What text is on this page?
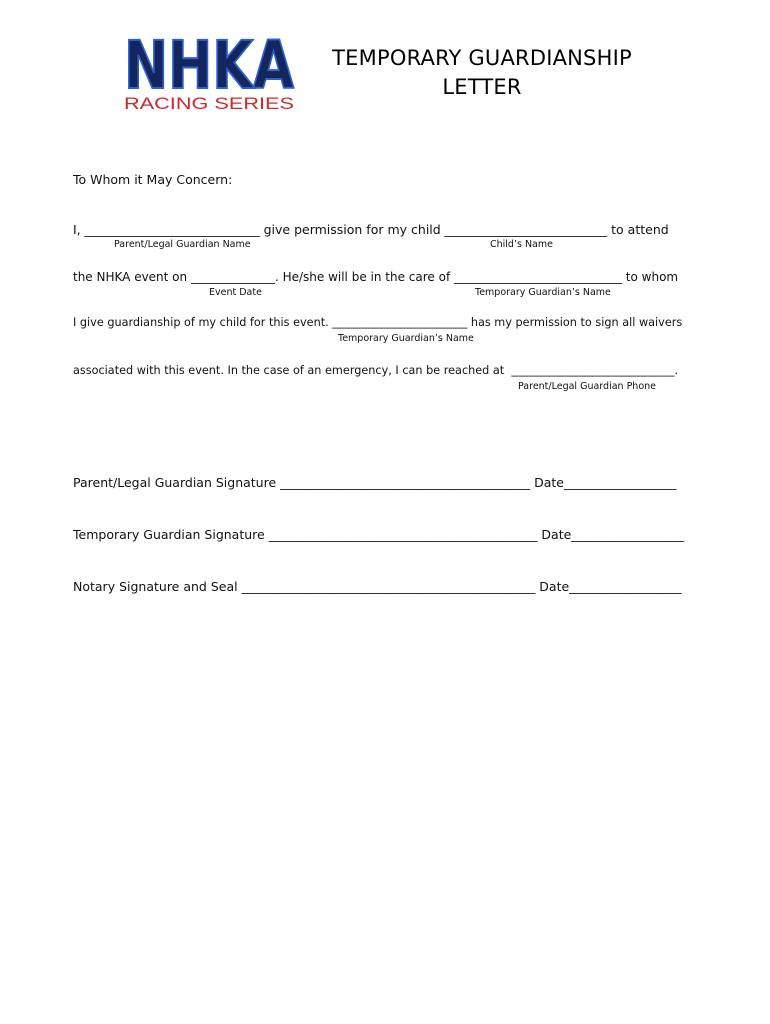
NHKA
RACING SERIES
TEMPORARY GUARDIANSHIP
LETTER
To Whom it May Concern:
I, ____________________________ give permission for my child __________________________ to attend
Parent/Legal Guardian Name	Child’s Name
the NHKA event on ______________. He/she will be in the care of ____________________________ to whom
Event Date	Temporary Guardian’s Name
I give guardianship of my child for this event. ________________________ has my permission to sign all waivers
Temporary Guardian’s Name
associated with this event. In the case of an emergency, I can be reached at  _____________________________.
Parent/Legal Guardian Phone
Parent/Legal Guardian Signature ________________________________________ Date__________________
Temporary Guardian Signature ___________________________________________ Date__________________
Notary Signature and Seal _______________________________________________ Date__________________
